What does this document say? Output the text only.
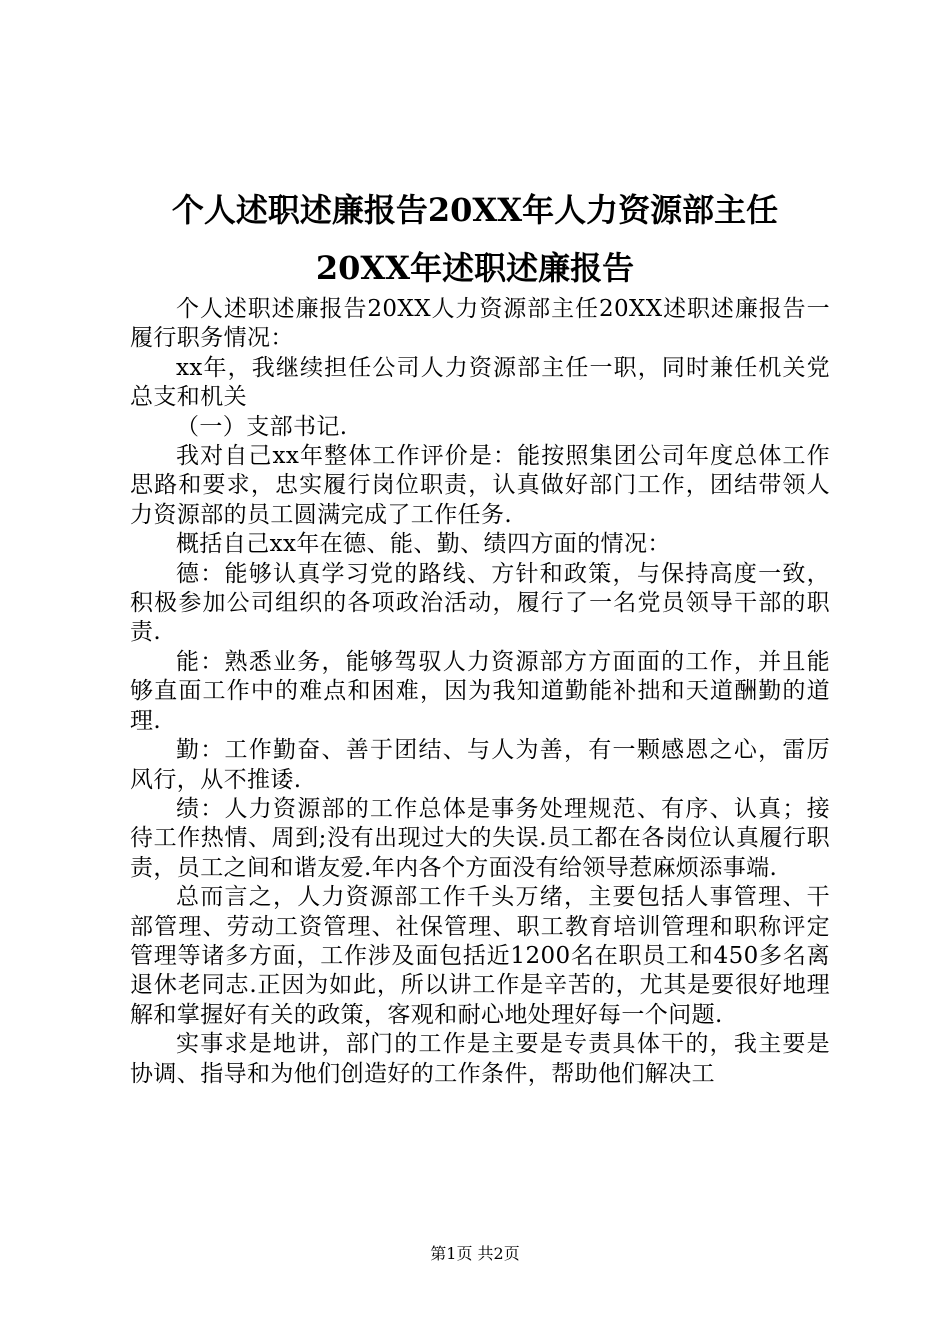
个人述职述廉报告20XX年人力资源部主任
20XX年述职述廉报告

个人述职述廉报告20XX人力资源部主任20XX述职述廉报告一履行职务情况：

xx年，我继续担任公司人力资源部主任一职，同时兼任机关党总支和机关

（一）支部书记.

我对自己xx年整体工作评价是：能按照集团公司年度总体工作思路和要求，忠实履行岗位职责，认真做好部门工作，团结带领人力资源部的员工圆满完成了工作任务.

概括自己xx年在德、能、勤、绩四方面的情况：

德：能够认真学习党的路线、方针和政策，与保持高度一致，积极参加公司组织的各项政治活动，履行了一名党员领导干部的职责.

能：熟悉业务，能够驾驭人力资源部方方面面的工作，并且能够直面工作中的难点和困难，因为我知道勤能补拙和天道酬勤的道理.

勤：工作勤奋、善于团结、与人为善，有一颗感恩之心，雷厉风行，从不推诿.

绩：人力资源部的工作总体是事务处理规范、有序、认真；接待工作热情、周到;没有出现过大的失误.员工都在各岗位认真履行职责，员工之间和谐友爱.年内各个方面没有给领导惹麻烦添事端.

总而言之，人力资源部工作千头万绪，主要包括人事管理、干部管理、劳动工资管理、社保管理、职工教育培训管理和职称评定管理等诸多方面，工作涉及面包括近1200名在职员工和450多名离退休老同志.正因为如此，所以讲工作是辛苦的，尤其是要很好地理解和掌握好有关的政策，客观和耐心地处理好每一个问题.

实事求是地讲，部门的工作是主要是专责具体干的，我主要是协调、指导和为他们创造好的工作条件，帮助他们解决工

第1页 共2页
